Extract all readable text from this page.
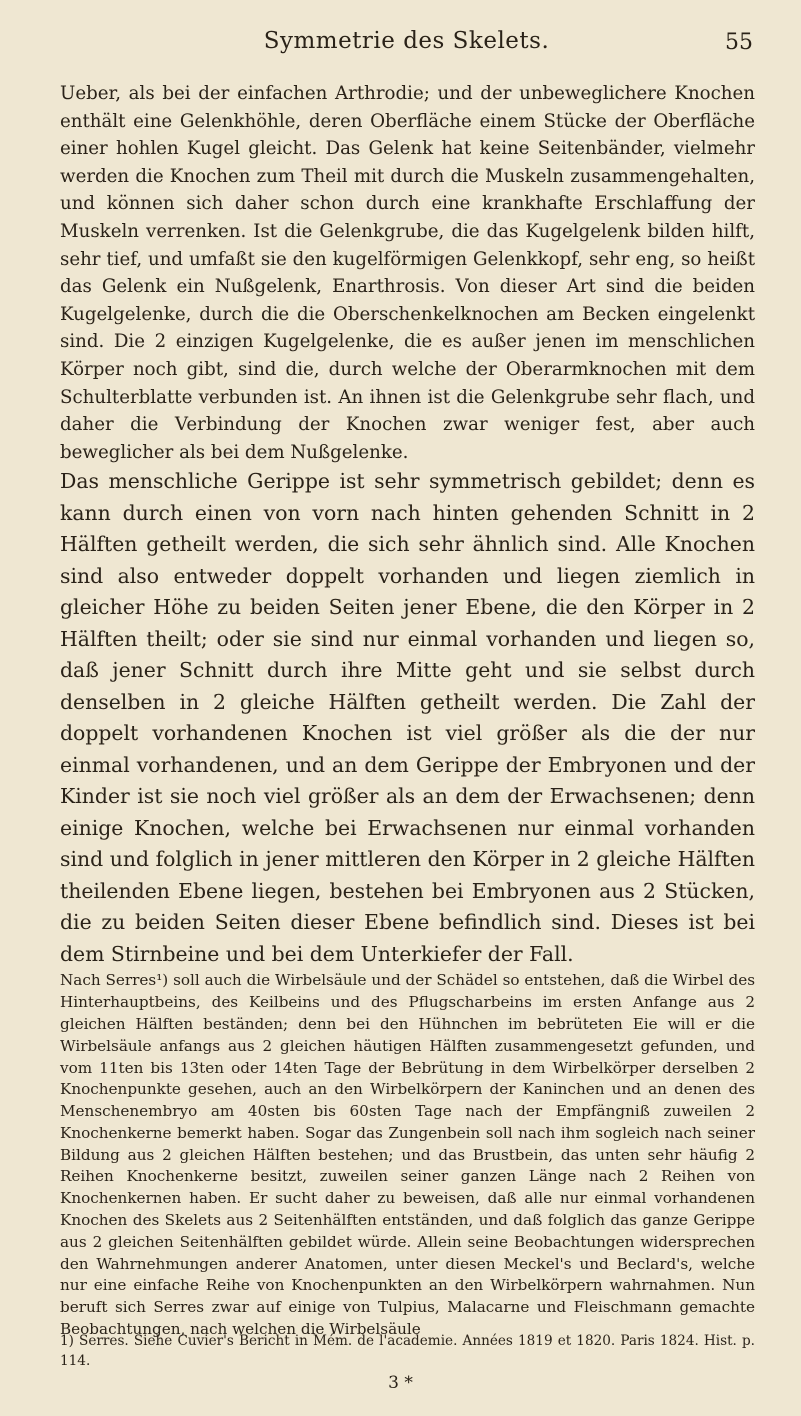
Symmetrie des Skelets.	55

Ueber, als bei der einfachen Arthrodie; und der unbeweglichere Knochen enthält eine Gelenkhöhle, deren Oberfläche einem Stücke der Oberfläche einer hohlen Kugel gleicht. Das Gelenk hat keine Seitenbänder, vielmehr werden die Knochen zum Theil mit durch die Muskeln zusammengehalten, und können sich daher schon durch eine krankhafte Erschlaffung der Muskeln verrenken. Ist die Gelenkgrube, die das Kugelgelenk bilden hilft, sehr tief, und umfaßt sie den kugelförmigen Gelenkkopf, sehr eng, so heißt das Gelenk ein Nußgelenk, Enarthrosis. Von dieser Art sind die beiden Kugelgelenke, durch die die Oberschenkelknochen am Becken eingelenkt sind. Die 2 einzigen Kugelgelenke, die es außer jenen im menschlichen Körper noch gibt, sind die, durch welche der Oberarmknochen mit dem Schulterblatte verbunden ist. An ihnen ist die Gelenkgrube sehr flach, und daher die Verbindung der Knochen zwar weniger fest, aber auch beweglicher als bei dem Nußgelenke.

Das menschliche Gerippe ist sehr symmetrisch gebildet; denn es kann durch einen von vorn nach hinten gehenden Schnitt in 2 Hälften getheilt werden, die sich sehr ähnlich sind. Alle Knochen sind also entweder doppelt vorhanden und liegen ziemlich in gleicher Höhe zu beiden Seiten jener Ebene, die den Körper in 2 Hälften theilt; oder sie sind nur einmal vorhanden und liegen so, daß jener Schnitt durch ihre Mitte geht und sie selbst durch denselben in 2 gleiche Hälften getheilt werden. Die Zahl der doppelt vorhandenen Knochen ist viel größer als die der nur einmal vorhandenen, und an dem Gerippe der Embryonen und der Kinder ist sie noch viel größer als an dem der Erwachsenen; denn einige Knochen, welche bei Erwachsenen nur einmal vorhanden sind und folglich in jener mittleren den Körper in 2 gleiche Hälften theilenden Ebene liegen, bestehen bei Embryonen aus 2 Stücken, die zu beiden Seiten dieser Ebene befindlich sind. Dieses ist bei dem Stirnbeine und bei dem Unterkiefer der Fall.

Nach Serres¹) soll auch die Wirbelsäule und der Schädel so entstehen, daß die Wirbel des Hinterhauptbeins, des Keilbeins und des Pflugscharbeins im ersten Anfange aus 2 gleichen Hälften beständen; denn bei den Hühnchen im bebrüteten Eie will er die Wirbelsäule anfangs aus 2 gleichen häutigen Hälften zusammengesetzt gefunden, und vom 11ten bis 13ten oder 14ten Tage der Bebrütung in dem Wirbelkörper derselben 2 Knochenpunkte gesehen, auch an den Wirbelkörpern der Kaninchen und an denen des Menschenembryo am 40sten bis 60sten Tage nach der Empfängniß zuweilen 2 Knochenkerne bemerkt haben. Sogar das Zungenbein soll nach ihm sogleich nach seiner Bildung aus 2 gleichen Hälften bestehen; und das Brustbein, das unten sehr häufig 2 Reihen Knochenkerne besitzt, zuweilen seiner ganzen Länge nach 2 Reihen von Knochenkernen haben. Er sucht daher zu beweisen, daß alle nur einmal vorhandenen Knochen des Skelets aus 2 Seitenhälften entständen, und daß folglich das ganze Gerippe aus 2 gleichen Seitenhälften gebildet würde. Allein seine Beobachtungen widersprechen den Wahrnehmungen anderer Anatomen, unter diesen Meckel's und Beclard's, welche nur eine einfache Reihe von Knochenpunkten an den Wirbelkörpern wahrnahmen. Nun beruft sich Serres zwar auf einige von Tulpius, Malacarne und Fleischmann gemachte Beobachtungen, nach welchen die Wirbelsäule

1) Serres. Siehe Cuvier's Bericht in Mém. de l'academie. Années 1819 et 1820. Paris 1824. Hist. p. 114.

3 *
